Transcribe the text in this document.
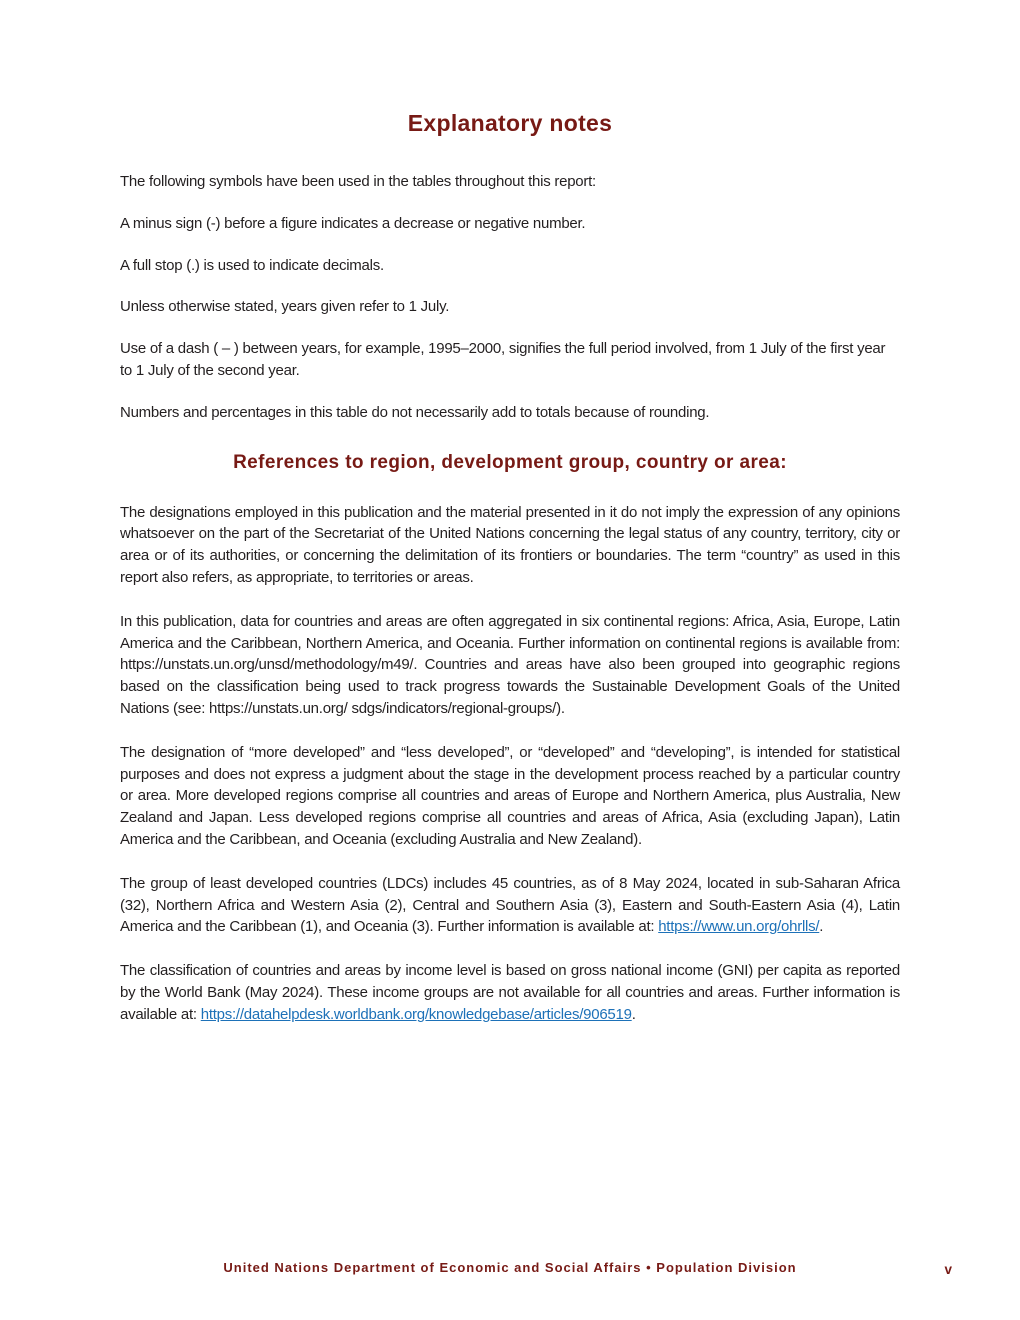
Explanatory notes

The following symbols have been used in the tables throughout this report:

A minus sign (-) before a figure indicates a decrease or negative number.

A full stop (.) is used to indicate decimals.

Unless otherwise stated, years given refer to 1 July.

Use of a dash ( – ) between years, for example, 1995–2000, signifies the full period involved, from 1 July of the first year to 1 July of the second year.

Numbers and percentages in this table do not necessarily add to totals because of rounding.

References to region, development group, country or area:

The designations employed in this publication and the material presented in it do not imply the expression of any opinions whatsoever on the part of the Secretariat of the United Nations concerning the legal status of any country, territory, city or area or of its authorities, or concerning the delimitation of its frontiers or boundaries. The term “country” as used in this report also refers, as appropriate, to territories or areas.

In this publication, data for countries and areas are often aggregated in six continental regions: Africa, Asia, Europe, Latin America and the Caribbean, Northern America, and Oceania. Further information on continental regions is available from: https://unstats.un.org/unsd/methodology/m49/. Countries and areas have also been grouped into geographic regions based on the classification being used to track progress towards the Sustainable Development Goals of the United Nations (see: https://unstats.un.org/ sdgs/indicators/regional-groups/).

The designation of “more developed” and “less developed”, or “developed” and “developing”, is intended for statistical purposes and does not express a judgment about the stage in the development process reached by a particular country or area. More developed regions comprise all countries and areas of Europe and Northern America, plus Australia, New Zealand and Japan. Less developed regions comprise all countries and areas of Africa, Asia (excluding Japan), Latin America and the Caribbean, and Oceania (excluding Australia and New Zealand).

The group of least developed countries (LDCs) includes 45 countries, as of 8 May 2024, located in sub-Saharan Africa (32), Northern Africa and Western Asia (2), Central and Southern Asia (3), Eastern and South-Eastern Asia (4), Latin America and the Caribbean (1), and Oceania (3). Further information is available at: https://www.un.org/ohrlls/.

The classification of countries and areas by income level is based on gross national income (GNI) per capita as reported by the World Bank (May 2024). These income groups are not available for all countries and areas. Further information is available at: https://datahelpdesk.worldbank.org/knowledgebase/articles/906519.

United Nations Department of Economic and Social Affairs • Population Division	v
